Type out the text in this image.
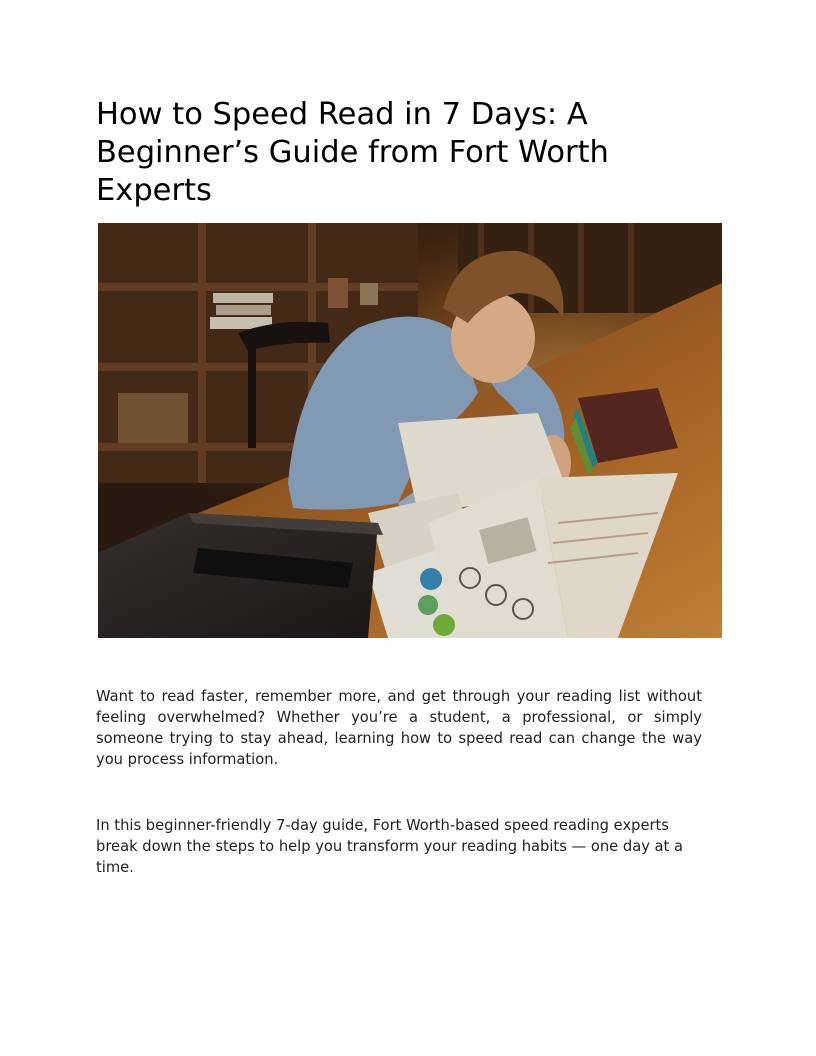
How to Speed Read in 7 Days: A Beginner’s Guide from Fort Worth Experts

Want to read faster, remember more, and get through your reading list without feeling overwhelmed? Whether you’re a student, a professional, or simply someone trying to stay ahead, learning how to speed read can change the way you process information.

In this beginner-friendly 7-day guide, Fort Worth-based speed reading experts break down the steps to help you transform your reading habits — one day at a time.
